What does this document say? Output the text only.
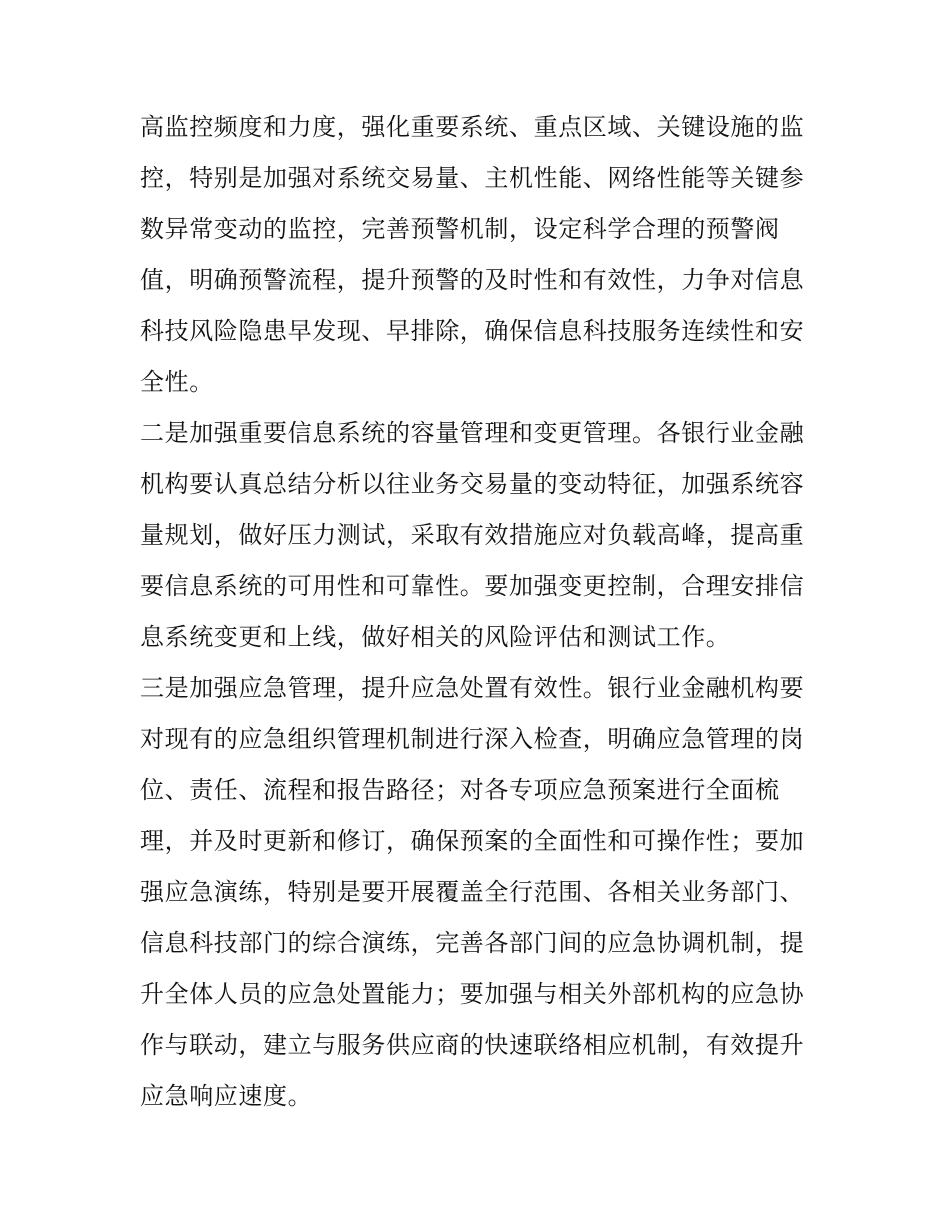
高监控频度和力度，强化重要系统、重点区域、关键设施的监
控，特别是加强对系统交易量、主机性能、网络性能等关键参
数异常变动的监控，完善预警机制，设定科学合理的预警阀
值，明确预警流程，提升预警的及时性和有效性，力争对信息
科技风险隐患早发现、早排除，确保信息科技服务连续性和安
全性。
二是加强重要信息系统的容量管理和变更管理。各银行业金融
机构要认真总结分析以往业务交易量的变动特征，加强系统容
量规划，做好压力测试，采取有效措施应对负载高峰，提高重
要信息系统的可用性和可靠性。要加强变更控制，合理安排信
息系统变更和上线，做好相关的风险评估和测试工作。
三是加强应急管理，提升应急处置有效性。银行业金融机构要
对现有的应急组织管理机制进行深入检查，明确应急管理的岗
位、责任、流程和报告路径；对各专项应急预案进行全面梳
理，并及时更新和修订，确保预案的全面性和可操作性；要加
强应急演练，特别是要开展覆盖全行范围、各相关业务部门、
信息科技部门的综合演练，完善各部门间的应急协调机制，提
升全体人员的应急处置能力；要加强与相关外部机构的应急协
作与联动，建立与服务供应商的快速联络相应机制，有效提升
应急响应速度。
